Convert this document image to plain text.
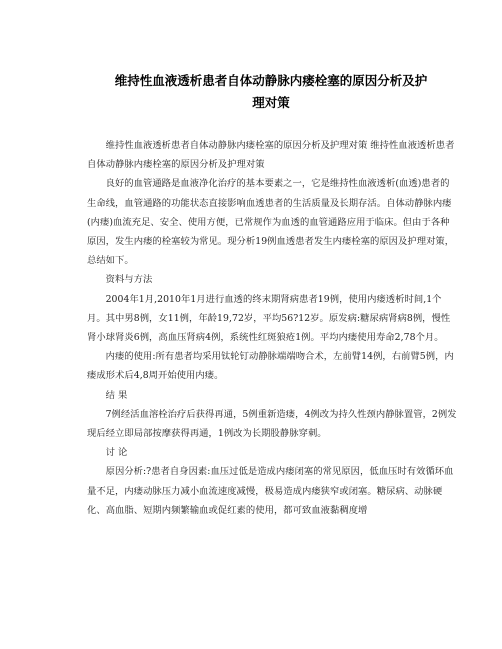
维持性血液透析患者自体动静脉内瘘栓塞的原因分析及护
理对策

维持性血液透析患者自体动静脉内瘘栓塞的原因分析及护理对策 维持性血液透析患者自体动静脉内瘘栓塞的原因分析及护理对策

良好的血管通路是血液净化治疗的基本要素之一，它是维持性血液透析(血透)患者的生命线，血管通路的功能状态直接影响血透患者的生活质量及长期存活。自体动静脉内瘘(内瘘)血流充足、安全、使用方便，已常规作为血透的血管通路应用于临床。但由于各种原因，发生内瘘的栓塞较为常见。现分析19例血透患者发生内瘘栓塞的原因及护理对策，总结如下。

资料与方法

2004年1月,2010年1月进行血透的终末期肾病患者19例，使用内瘘透析时间,1个月。其中男8例，女11例，年龄19,72岁，平均56?12岁。原发病:糖尿病肾病8例，慢性肾小球肾炎6例，高血压肾病4例，系统性红斑狼疮1例。平均内瘘使用寿命2,78个月。

内瘘的使用:所有患者均采用钛轮钉动静脉端端吻合术，左前臂14例，右前臂5例，内瘘成形术后4,8周开始使用内瘘。

结 果

7例经活血溶栓治疗后获得再通，5例重新造瘘，4例改为持久性颈内静脉置管，2例发现后经立即局部按摩获得再通，1例改为长期股静脉穿刺。

讨 论

原因分析:?患者自身因素:血压过低是造成内瘘闭塞的常见原因，低血压时有效循环血量不足，内瘘动脉压力减小血流速度减慢，极易造成内瘘狭窄或闭塞。糖尿病、动脉硬化、高血脂、短期内频繁输血或促红素的使用，都可致血液黏稠度增
